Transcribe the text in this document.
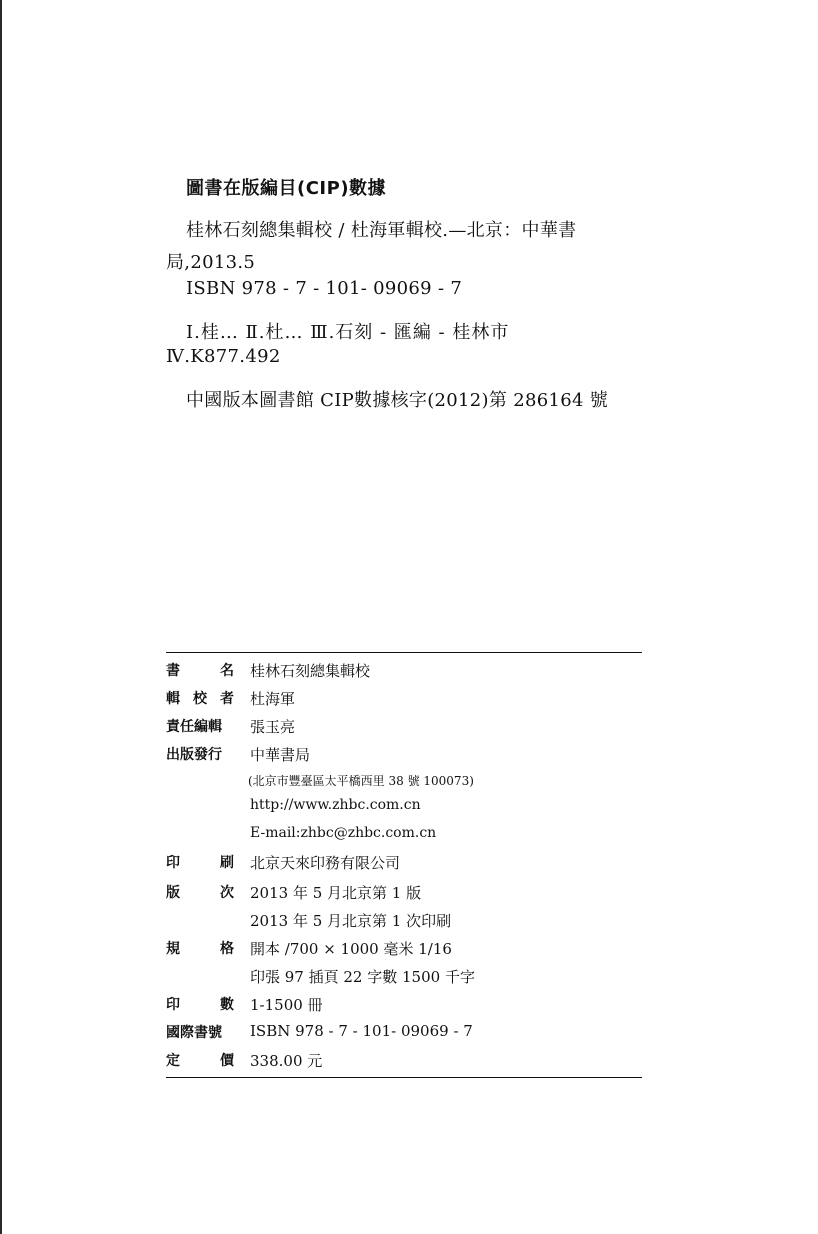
圖書在版編目(CIP)數據
桂林石刻總集輯校 / 杜海軍輯校.—北京：中華書
局,2013.5
ISBN 978 - 7 - 101- 09069 - 7
Ⅰ.桂… Ⅱ.杜… Ⅲ.石刻 - 匯編 - 桂林市
Ⅳ.K877.492
中國版本圖書館 CIP數據核字(2012)第 286164 號
書	名 桂林石刻總集輯校
輯 校 者 杜海軍
責任編輯 張玉亮
出版發行 中華書局
(北京市豐臺區太平橋西里 38 號 100073)
http://www.zhbc.com.cn
E-mail:zhbc@zhbc.com.cn
印	刷 北京天來印務有限公司
版	次 2013 年 5 月北京第 1 版
2013 年 5 月北京第 1 次印刷
規	格 開本 /700 × 1000 毫米 1/16
印張 97 插頁 22 字數 1500 千字
印	數 1-1500 冊
國際書號 ISBN 978 - 7 - 101- 09069 - 7
定	價 338.00 元
